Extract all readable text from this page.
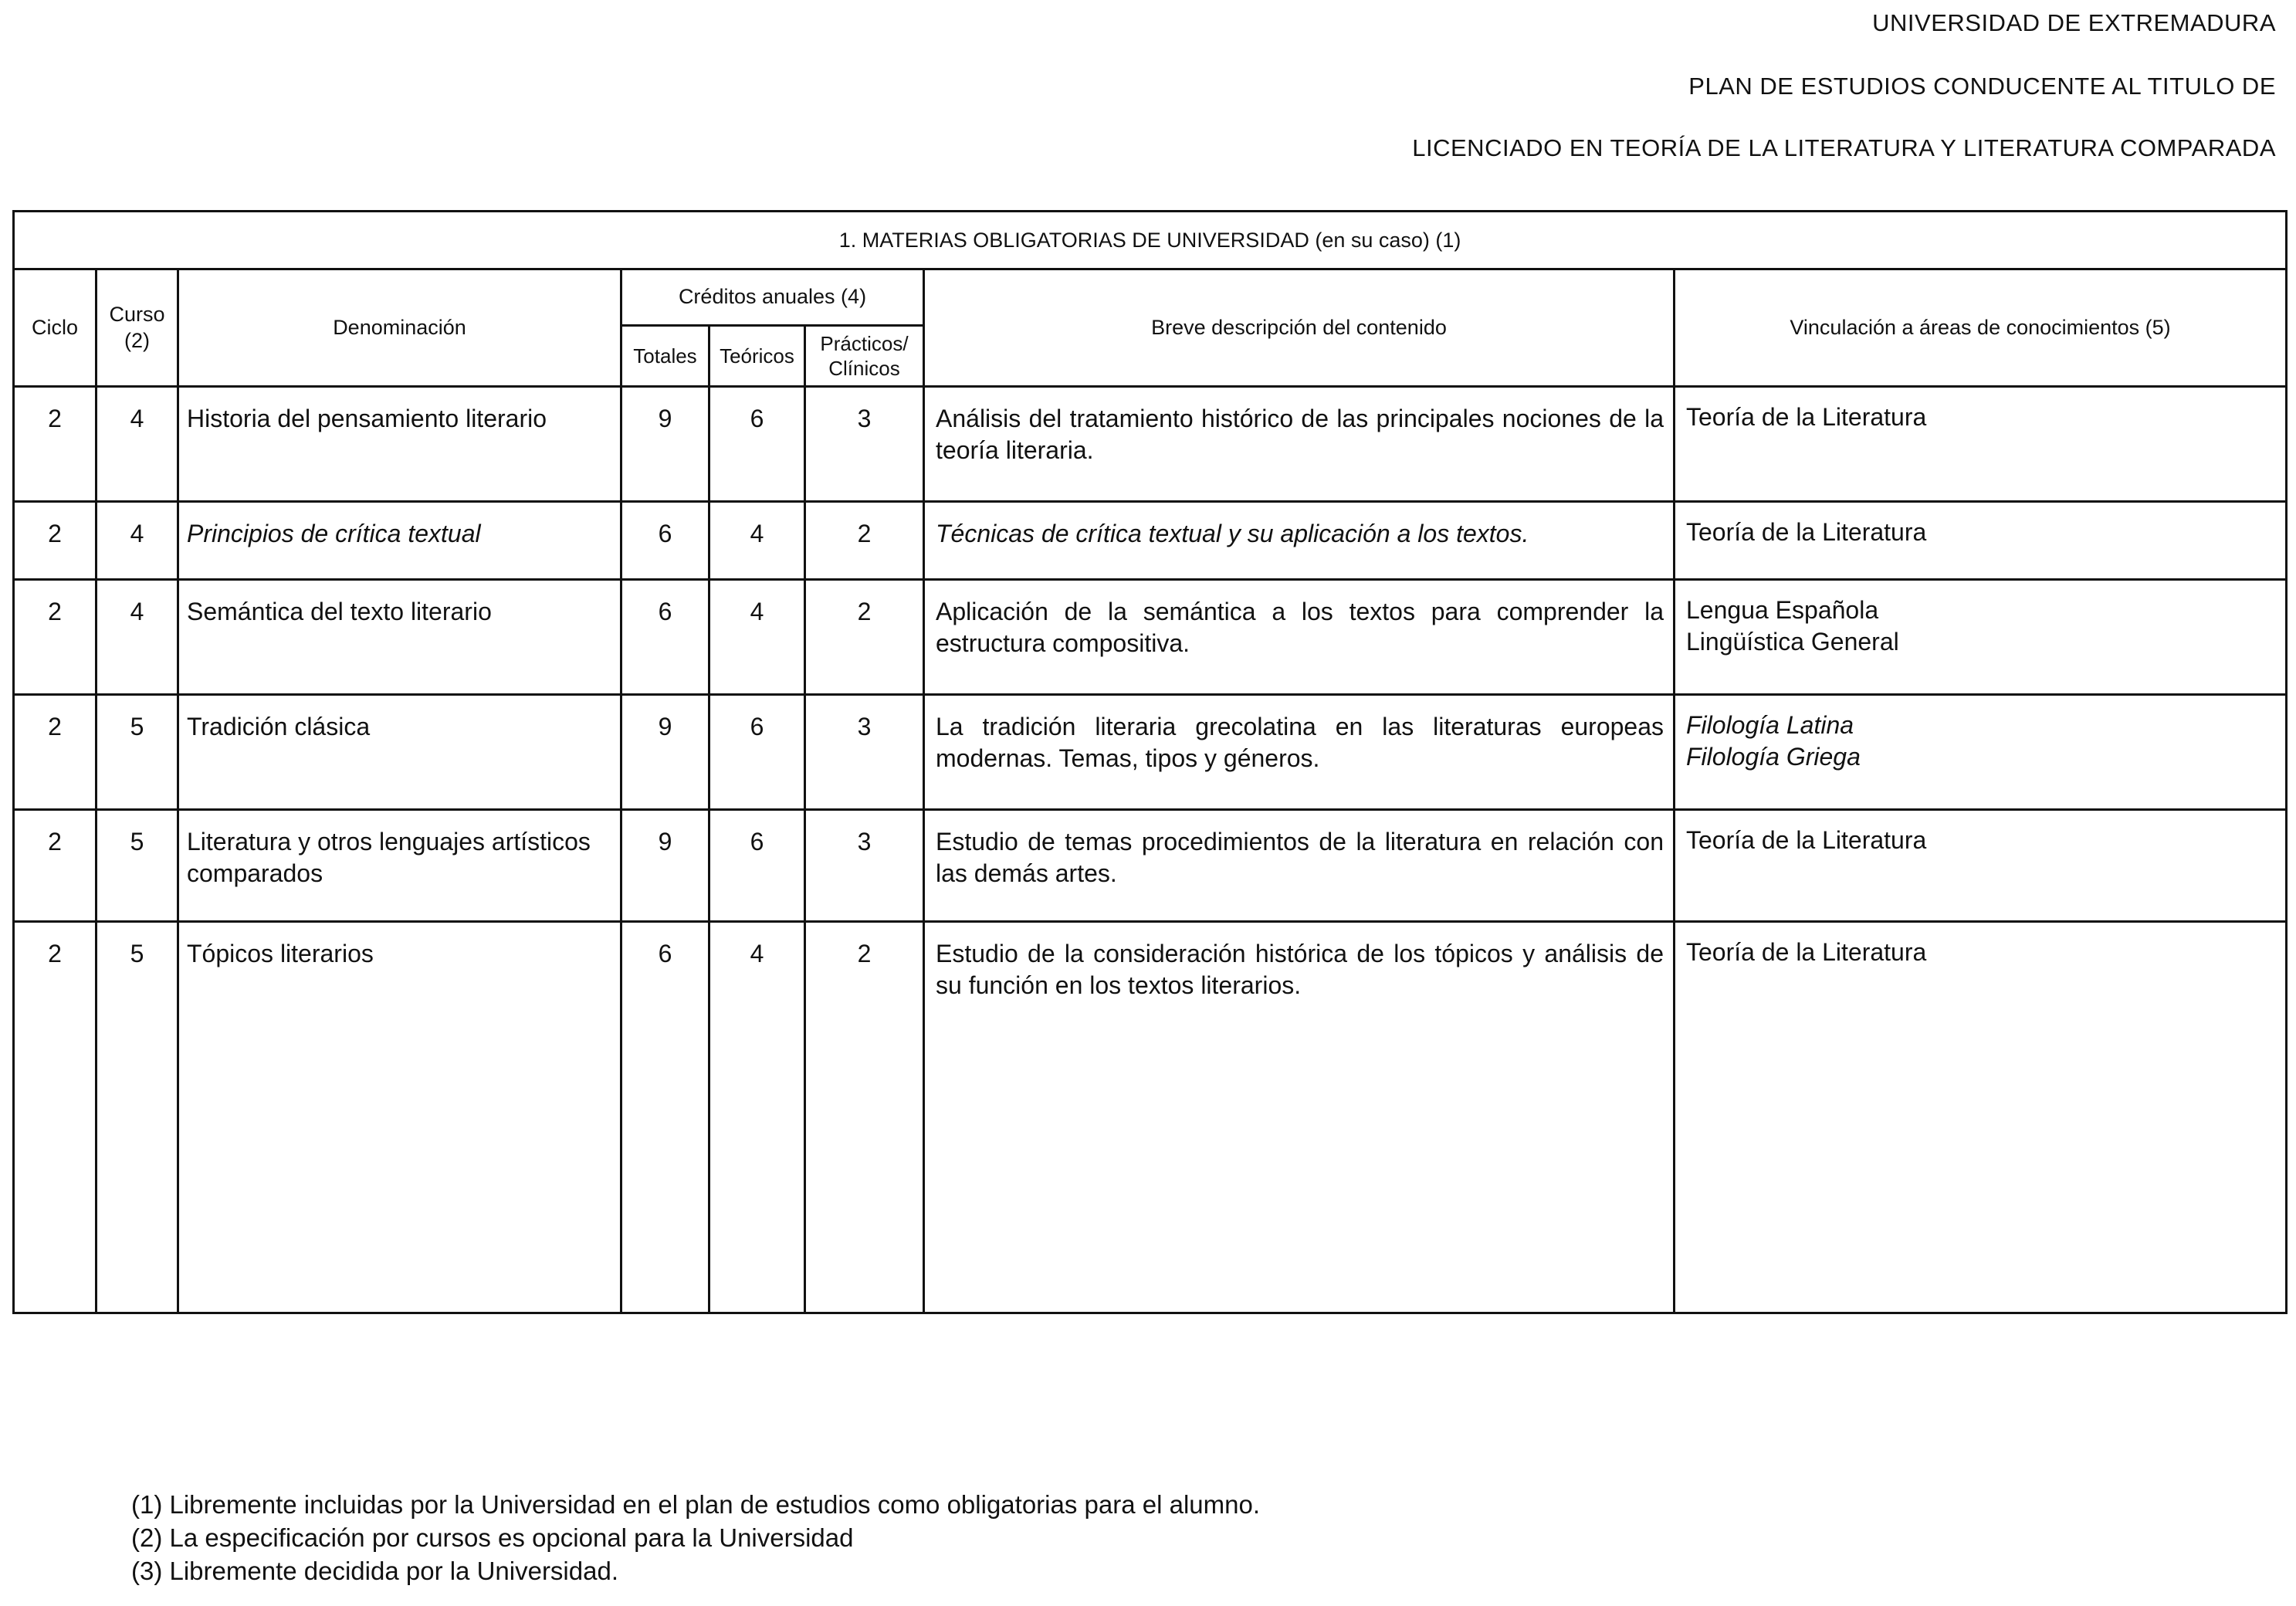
UNIVERSIDAD DE EXTREMADURA
PLAN DE ESTUDIOS CONDUCENTE AL TITULO DE
LICENCIADO EN TEORÍA DE LA LITERATURA Y LITERATURA COMPARADA
1. MATERIAS OBLIGATORIAS DE UNIVERSIDAD (en su caso) (1)							
Ciclo	Curso (2)	Denominación	Créditos anuales (4)			Breve descripción del contenido	Vinculación a áreas de conocimientos (5)
			Totales	Teóricos	Prácticos/ Clínicos		
2	4	Historia del pensamiento literario	9	6	3	Análisis del tratamiento histórico de las principales nociones de la teoría literaria.	Teoría de la Literatura

2	4	Principios de crítica textual	6	4	2	Técnicas de crítica textual y su aplicación a los textos.	Teoría de la Literatura

2	4	Semántica del texto literario	6	4	2	Aplicación de la semántica a los textos para comprender la estructura compositiva.	Lengua Española
Lingüística General

2	5	Tradición clásica	9	6	3	La tradición literaria grecolatina en las literaturas europeas modernas. Temas, tipos y géneros.	Filología Latina
Filología Griega

2	5	Literatura y otros lenguajes artísticos comparados	9	6	3	Estudio de temas procedimientos de la literatura en relación con las demás artes.	Teoría de la Literatura

2	5	Tópicos literarios	6	4	2	Estudio de la consideración histórica de los tópicos y análisis de su función en los textos literarios.	Teoría de la Literatura
(1) Libremente incluidas por la Universidad en el plan de estudios como obligatorias para el alumno.
(2) La especificación por cursos es opcional para la Universidad
(3) Libremente decidida por la Universidad.
